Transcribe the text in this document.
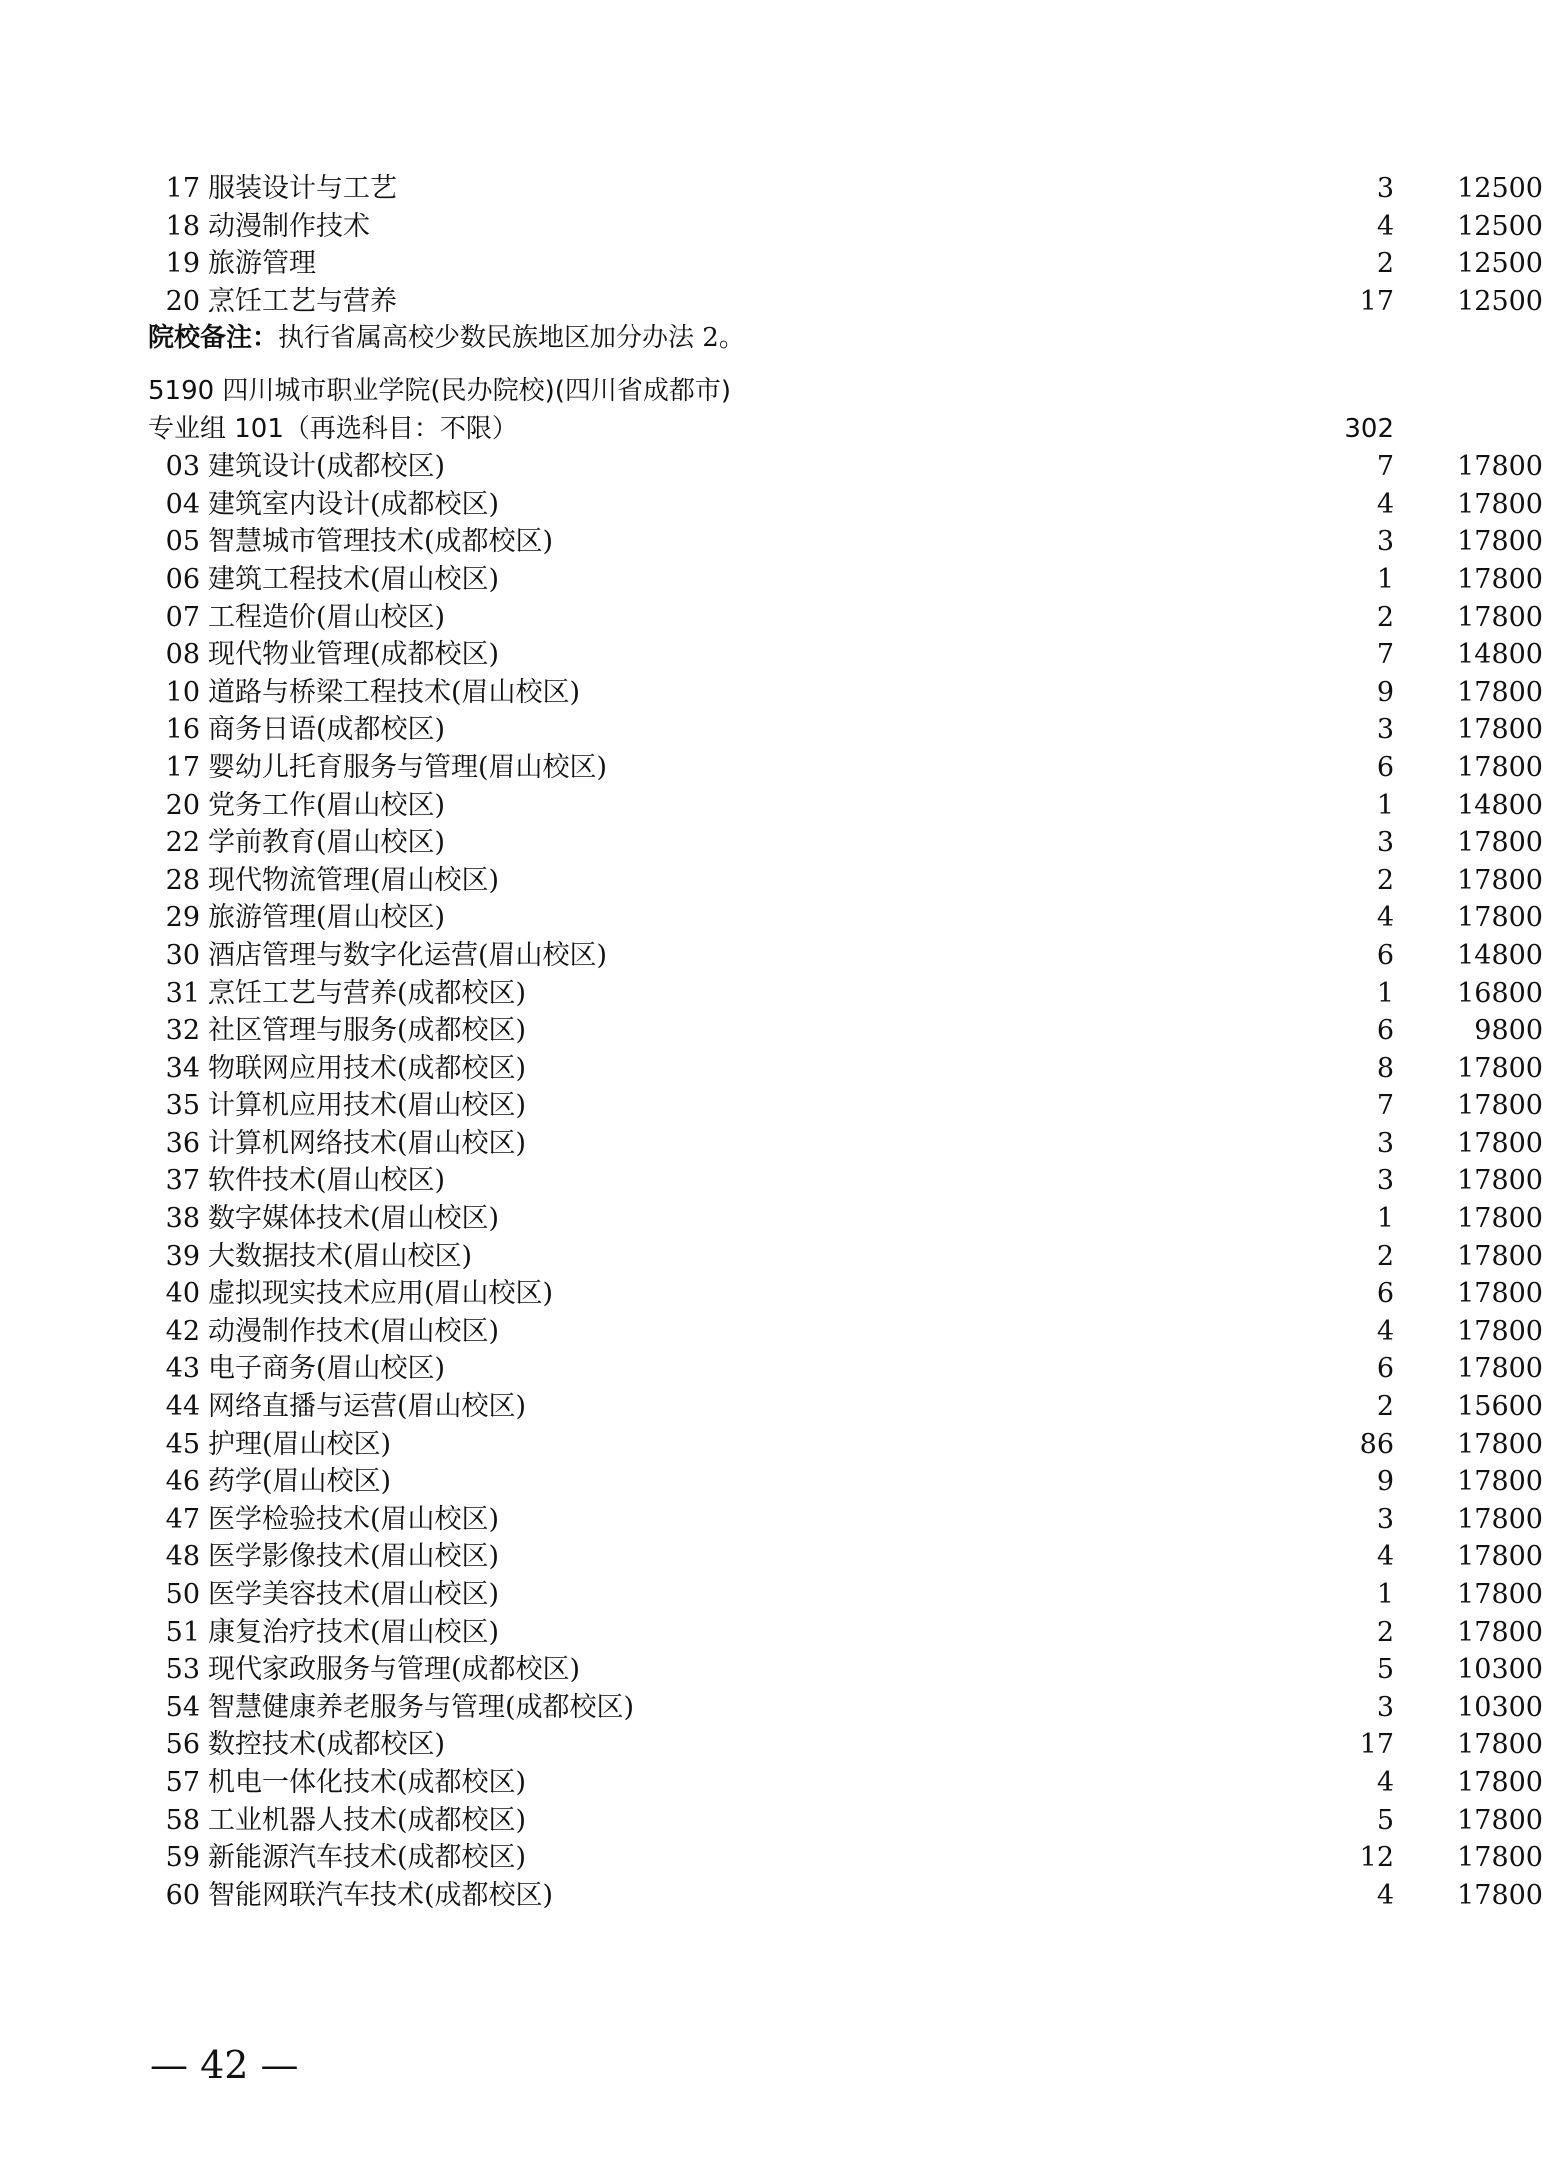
17 服装设计与工艺	3	12500
18 动漫制作技术	4	12500
19 旅游管理	2	12500
20 烹饪工艺与营养	17	12500
院校备注：执行省属高校少数民族地区加分办法 2。
5190 四川城市职业学院(民办院校)(四川省成都市)
专业组 101（再选科目：不限）	302
03 建筑设计(成都校区)	7	17800
04 建筑室内设计(成都校区)	4	17800
05 智慧城市管理技术(成都校区)	3	17800
06 建筑工程技术(眉山校区)	1	17800
07 工程造价(眉山校区)	2	17800
08 现代物业管理(成都校区)	7	14800
10 道路与桥梁工程技术(眉山校区)	9	17800
16 商务日语(成都校区)	3	17800
17 婴幼儿托育服务与管理(眉山校区)	6	17800
20 党务工作(眉山校区)	1	14800
22 学前教育(眉山校区)	3	17800
28 现代物流管理(眉山校区)	2	17800
29 旅游管理(眉山校区)	4	17800
30 酒店管理与数字化运营(眉山校区)	6	14800
31 烹饪工艺与营养(成都校区)	1	16800
32 社区管理与服务(成都校区)	6	9800
34 物联网应用技术(成都校区)	8	17800
35 计算机应用技术(眉山校区)	7	17800
36 计算机网络技术(眉山校区)	3	17800
37 软件技术(眉山校区)	3	17800
38 数字媒体技术(眉山校区)	1	17800
39 大数据技术(眉山校区)	2	17800
40 虚拟现实技术应用(眉山校区)	6	17800
42 动漫制作技术(眉山校区)	4	17800
43 电子商务(眉山校区)	6	17800
44 网络直播与运营(眉山校区)	2	15600
45 护理(眉山校区)	86	17800
46 药学(眉山校区)	9	17800
47 医学检验技术(眉山校区)	3	17800
48 医学影像技术(眉山校区)	4	17800
50 医学美容技术(眉山校区)	1	17800
51 康复治疗技术(眉山校区)	2	17800
53 现代家政服务与管理(成都校区)	5	10300
54 智慧健康养老服务与管理(成都校区)	3	10300
56 数控技术(成都校区)	17	17800
57 机电一体化技术(成都校区)	4	17800
58 工业机器人技术(成都校区)	5	17800
59 新能源汽车技术(成都校区)	12	17800
60 智能网联汽车技术(成都校区)	4	17800
— 42 —
